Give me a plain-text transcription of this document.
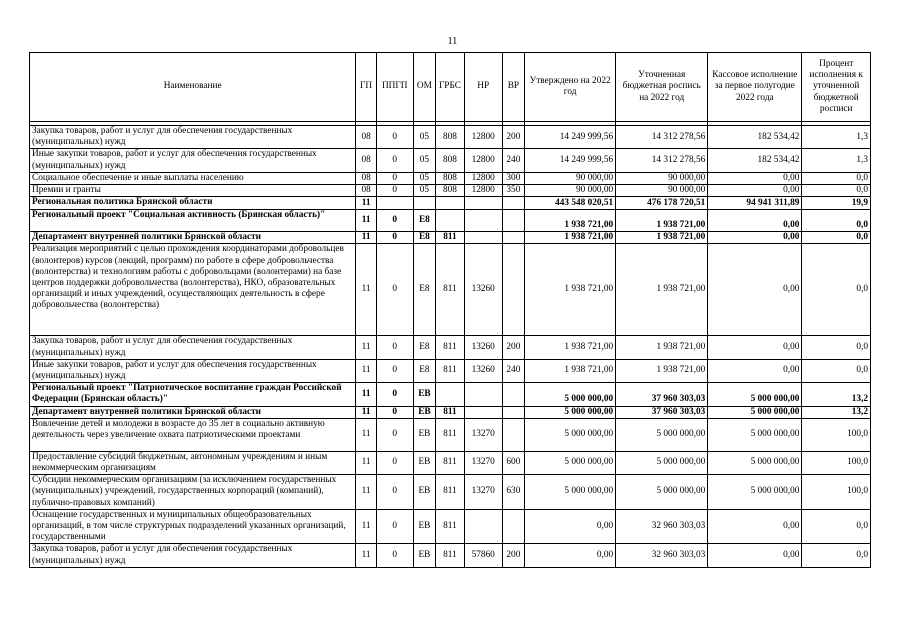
11
Наименование	ГП	ППГП	ОМ	ГРБС	НР	ВР	Утверждено на 2022 год	Уточненная бюджетная роспись на 2022 год	Кассовое исполнение за первое полугодие 2022 года	Процент исполнения к уточненной бюджетной росписи

Закупка товаров, работ и услуг для обеспечения государственных (муниципальных) нужд	08	0	05	808	12800	200	14 249 999,56	14 312 278,56	182 534,42	1,3
Иные закупки товаров, работ и услуг для обеспечения государственных (муниципальных) нужд	08	0	05	808	12800	240	14 249 999,56	14 312 278,56	182 534,42	1,3
Социальное обеспечение и иные выплаты населению	08	0	05	808	12800	300	90 000,00	90 000,00	0,00	0,0
Премии и гранты	08	0	05	808	12800	350	90 000,00	90 000,00	0,00	0,0
Региональная политика Брянской области	11						443 548 020,51	476 178 720,51	94 941 311,89	19,9
Региональный проект "Социальная активность (Брянская область)"	11	0	E8				1 938 721,00	1 938 721,00	0,00	0,0
Департамент внутренней политики Брянской области	11	0	E8	811			1 938 721,00	1 938 721,00	0,00	0,0
Реализация мероприятий с целью прохождения координаторами добровольцев (волонтеров) курсов (лекций, программ) по работе в сфере добровольчества (волонтерства) и технологиям работы с добровольцами (волонтерами) на базе центров поддержки добровольчества (волонтерства), НКО, образовательных организаций и иных учреждений, осуществляющих деятельность в сфере добровольчества (волонтерства)	11	0	E8	811	13260		1 938 721,00	1 938 721,00	0,00	0,0
Закупка товаров, работ и услуг для обеспечения государственных (муниципальных) нужд	11	0	E8	811	13260	200	1 938 721,00	1 938 721,00	0,00	0,0
Иные закупки товаров, работ и услуг для обеспечения государственных (муниципальных) нужд	11	0	E8	811	13260	240	1 938 721,00	1 938 721,00	0,00	0,0
Региональный проект "Патриотическое воспитание граждан Российской Федерации (Брянская область)"	11	0	EB				5 000 000,00	37 960 303,03	5 000 000,00	13,2
Департамент внутренней политики Брянской области	11	0	EB	811			5 000 000,00	37 960 303,03	5 000 000,00	13,2
Вовлечение детей и молодежи в возрасте до 35 лет в социально активную деятельность через увеличение охвата патриотическими проектами	11	0	EB	811	13270		5 000 000,00	5 000 000,00	5 000 000,00	100,0
Предоставление субсидий бюджетным, автономным учреждениям и иным некоммерческим организациям	11	0	EB	811	13270	600	5 000 000,00	5 000 000,00	5 000 000,00	100,0
Субсидии некоммерческим организациям (за исключением государственных (муниципальных) учреждений, государственных корпораций (компаний), публично-правовых компаний)	11	0	EB	811	13270	630	5 000 000,00	5 000 000,00	5 000 000,00	100,0
Оснащение государственных и муниципальных общеобразовательных организаций, в том числе структурных подразделений указанных организаций, государственными	11	0	EB	811			0,00	32 960 303,03	0,00	0,0
Закупка товаров, работ и услуг для обеспечения государственных (муниципальных) нужд	11	0	EB	811	57860	200	0,00	32 960 303,03	0,00	0,0
